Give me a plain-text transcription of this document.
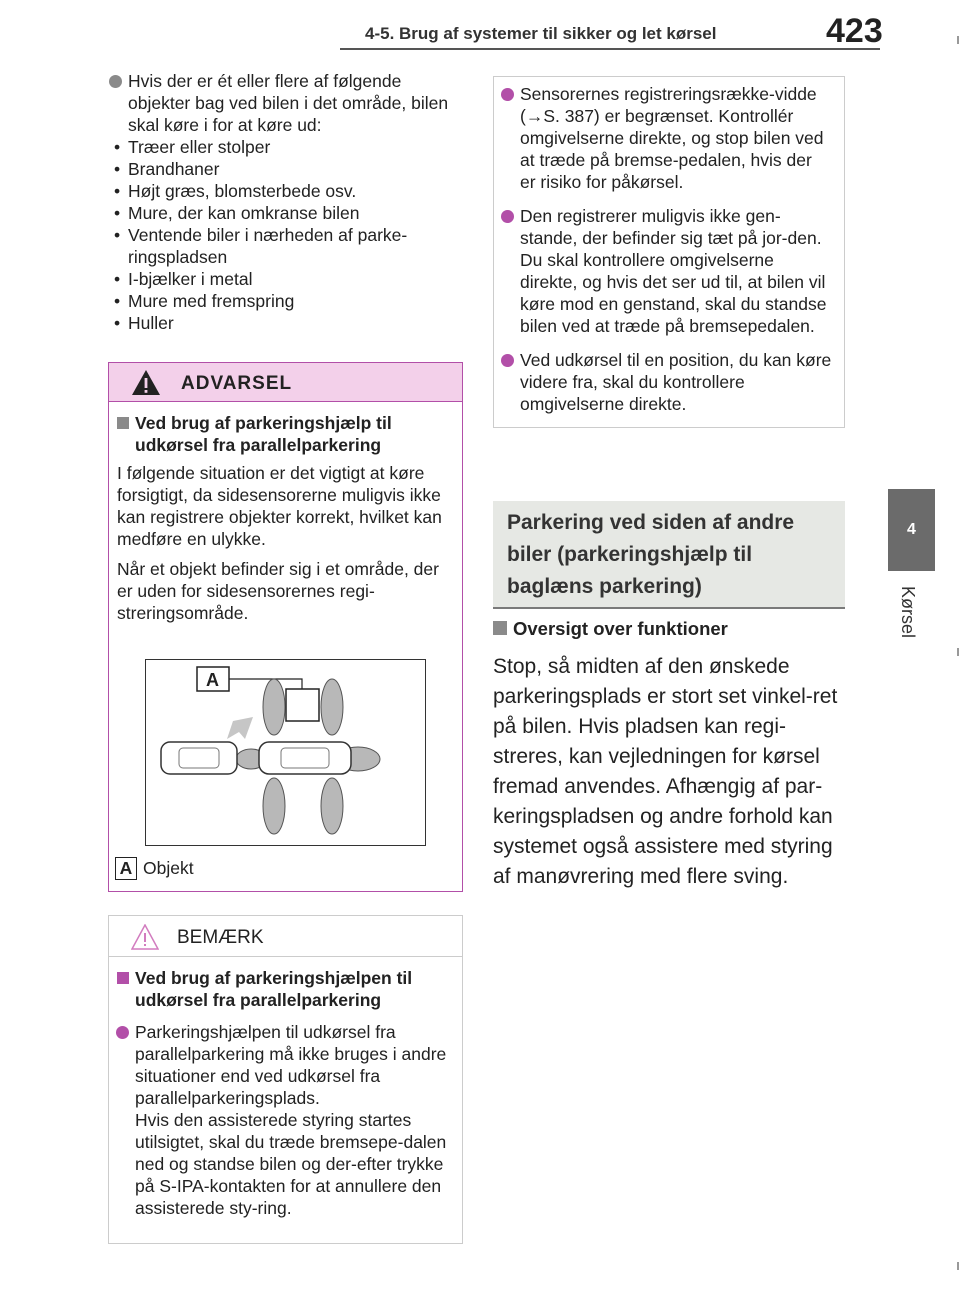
4-5. Brug af systemer til sikker og let kørsel	423
4
Kørsel
Hvis der er ét eller flere af følgende objekter bag ved bilen i det område, bilen skal køre i for at køre ud:
• Træer eller stolper
• Brandhaner
• Højt græs, blomsterbede osv.
• Mure, der kan omkranse bilen
• Ventende biler i nærheden af parke-ringspladsen
• I-bjælker i metal
• Mure med fremspring
• Huller
ADVARSEL
Ved brug af parkeringshjælp til udkørsel fra parallelparkering

I følgende situation er det vigtigt at køre forsigtigt, da sidesensorerne muligvis ikke kan registrere objekter korrekt, hvilket kan medføre en ulykke.

Når et objekt befinder sig i et område, der er uden for sidesensorernes regi-streringsområde.

A
A Objekt
BEMÆRK
Ved brug af parkeringshjælpen til udkørsel fra parallelparkering
Parkeringshjælpen til udkørsel fra parallelparkering må ikke bruges i andre situationer end ved udkørsel fra parallelparkeringsplads.
Hvis den assisterede styring startes utilsigtet, skal du træde bremsepe-dalen ned og standse bilen og der-efter trykke på S-IPA-kontakten for at annullere den assisterede sty-ring.
Sensorernes registreringsrække-vidde (→S. 387) er begrænset. Kontrollér omgivelserne direkte, og stop bilen ved at træde på bremse-pedalen, hvis der er risiko for påkørsel.
Den registrerer muligvis ikke gen-stande, der befinder sig tæt på jor-den. Du skal kontrollere omgivelserne direkte, og hvis det ser ud til, at bilen vil køre mod en genstand, skal du standse bilen ved at træde på bremsepedalen.
Ved udkørsel til en position, du kan køre videre fra, skal du kontrollere omgivelserne direkte.
Parkering ved siden af andre biler (parkeringshjælp til baglæns parkering)
Oversigt over funktioner
Stop, så midten af den ønskede parkeringsplads er stort set vinkel-ret på bilen. Hvis pladsen kan regi-streres, kan vejledningen for kørsel fremad anvendes. Afhængig af par-keringspladsen og andre forhold kan systemet også assistere med styring af manøvrering med flere sving.
